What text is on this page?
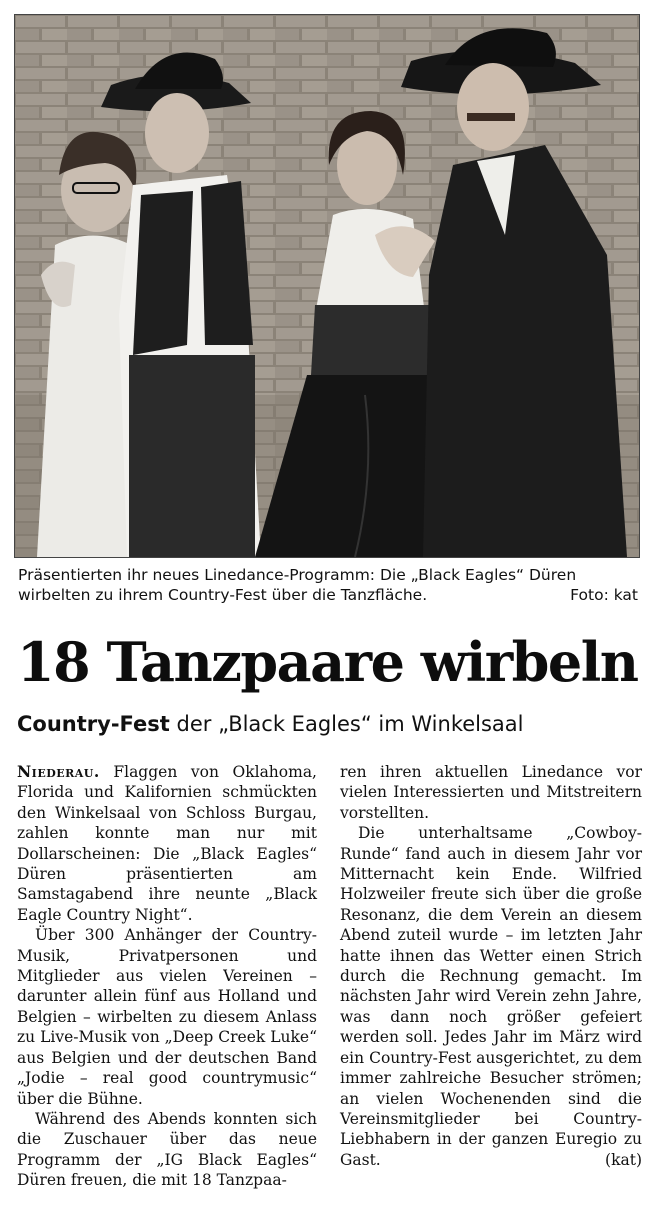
Präsentierten ihr neues Linedance-Programm: Die „Black Eagles“ Düren
wirbelten zu ihrem Country-Fest über die Tanzfläche.	Foto: kat
18 Tanzpaare wirbeln
Country-Fest der „Black Eagles“ im Winkelsaal

Niederau. Flaggen von Oklahoma, Florida und Kalifornien schmückten den Winkelsaal von Schloss Burgau, zahlen konnte man nur mit Dollarscheinen: Die „Black Eagles“ Düren präsentierten am Samstagabend ihre neunte „Black Eagle Country Night“.

Über 300 Anhänger der Country-Musik, Privatpersonen und Mitglieder aus vielen Vereinen – darunter allein fünf aus Holland und Belgien – wirbelten zu diesem Anlass zu Live-Musik von „Deep Creek Luke“ aus Belgien und der deutschen Band „Jodie – real good countrymusic“ über die Bühne.

Während des Abends konnten sich die Zuschauer über das neue Programm der „IG Black Eagles“ Düren freuen, die mit 18 Tanzpaa-

ren ihren aktuellen Linedance vor vielen Interessierten und Mitstreitern vorstellten.

Die unterhaltsame „Cowboy-Runde“ fand auch in diesem Jahr vor Mitternacht kein Ende. Wilfried Holzweiler freute sich über die große Resonanz, die dem Verein an diesem Abend zuteil wurde – im letzten Jahr hatte ihnen das Wetter einen Strich durch die Rechnung gemacht. Im nächsten Jahr wird Verein zehn Jahre, was dann noch größer gefeiert werden soll. Jedes Jahr im März wird ein Country-Fest ausgerichtet, zu dem immer zahlreiche Besucher strömen; an vielen Wochenenden sind die Vereinsmitglieder bei Country-Liebhabern in der ganzen Euregio zu Gast.	(kat)
